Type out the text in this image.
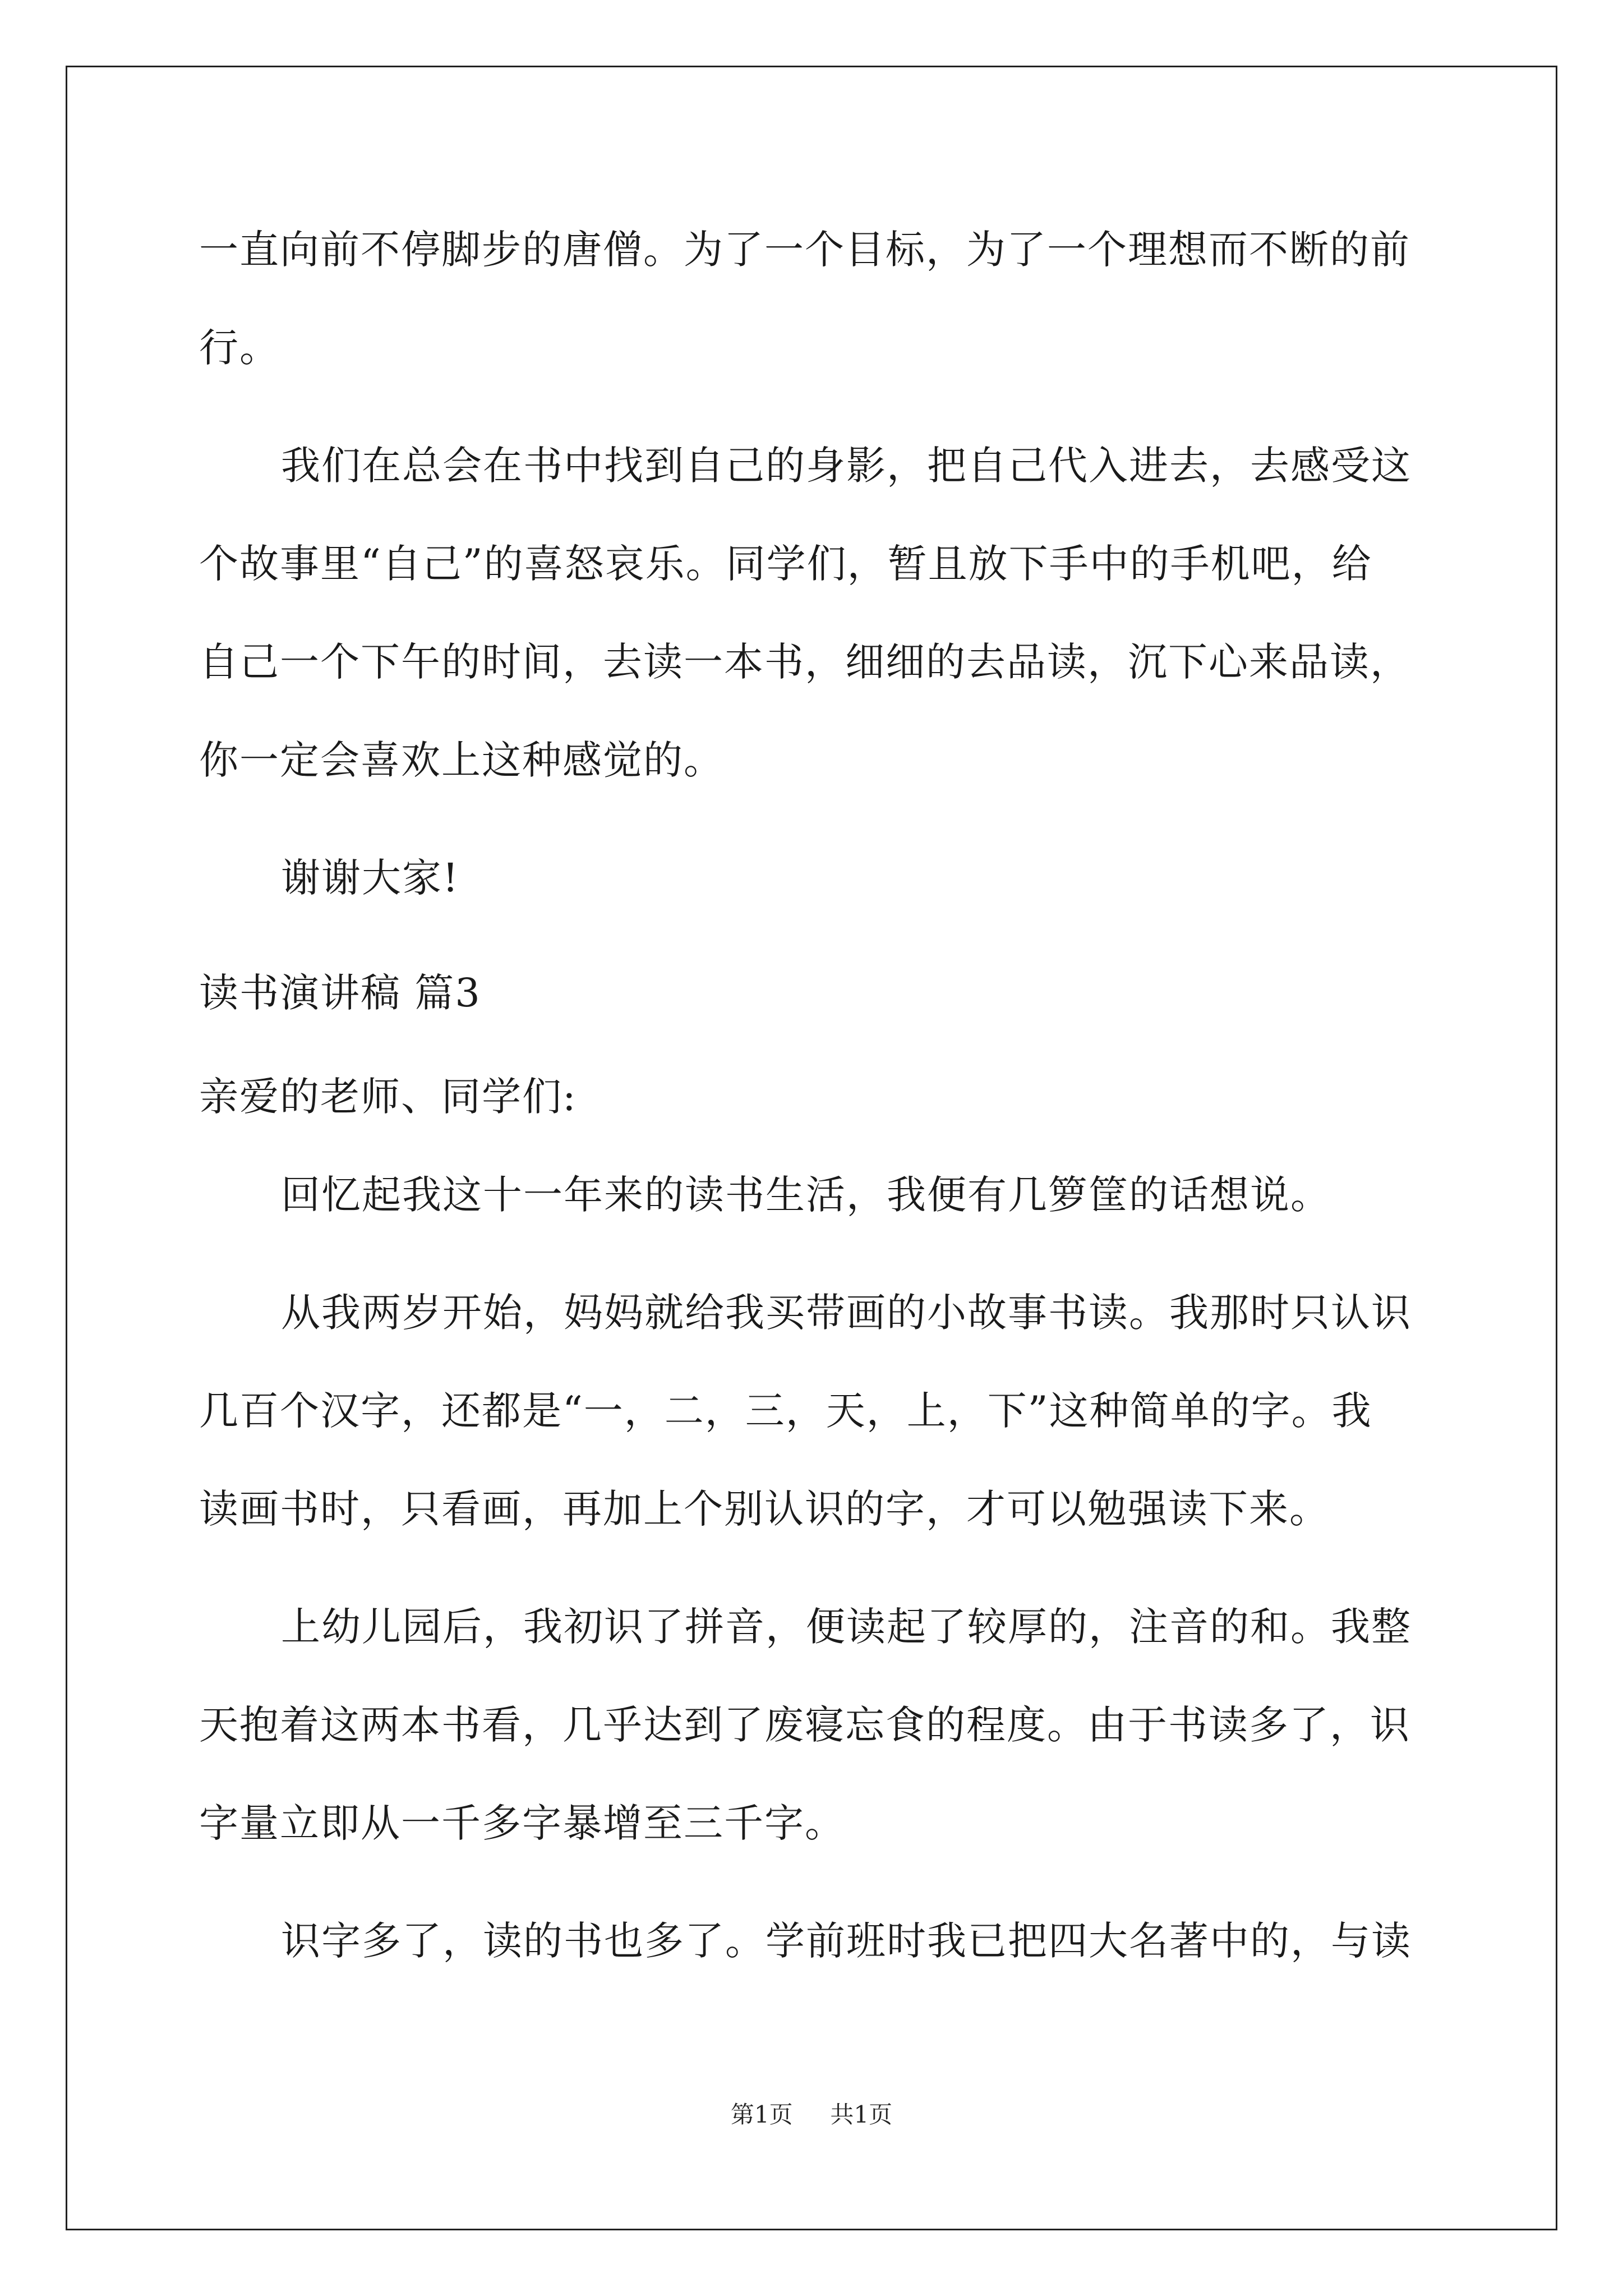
一直向前不停脚步的唐僧。为了一个目标，为了一个理想而不断的前
行。
我们在总会在书中找到自己的身影，把自己代入进去，去感受这
个故事里“自己”的喜怒哀乐。同学们，暂且放下手中的手机吧，给
自己一个下午的时间，去读一本书，细细的去品读，沉下心来品读，
你一定会喜欢上这种感觉的。
谢谢大家!
读书演讲稿 篇3
亲爱的老师、同学们:
回忆起我这十一年来的读书生活，我便有几箩筐的话想说。
从我两岁开始，妈妈就给我买带画的小故事书读。我那时只认识
几百个汉字，还都是“一，二，三，天，上，下”这种简单的字。我
读画书时，只看画，再加上个别认识的字，才可以勉强读下来。
上幼儿园后，我初识了拼音，便读起了较厚的，注音的和。我整
天抱着这两本书看，几乎达到了废寝忘食的程度。由于书读多了，识
字量立即从一千多字暴增至三千字。
识字多了，读的书也多了。学前班时我已把四大名著中的，与读
第1页 共1页
